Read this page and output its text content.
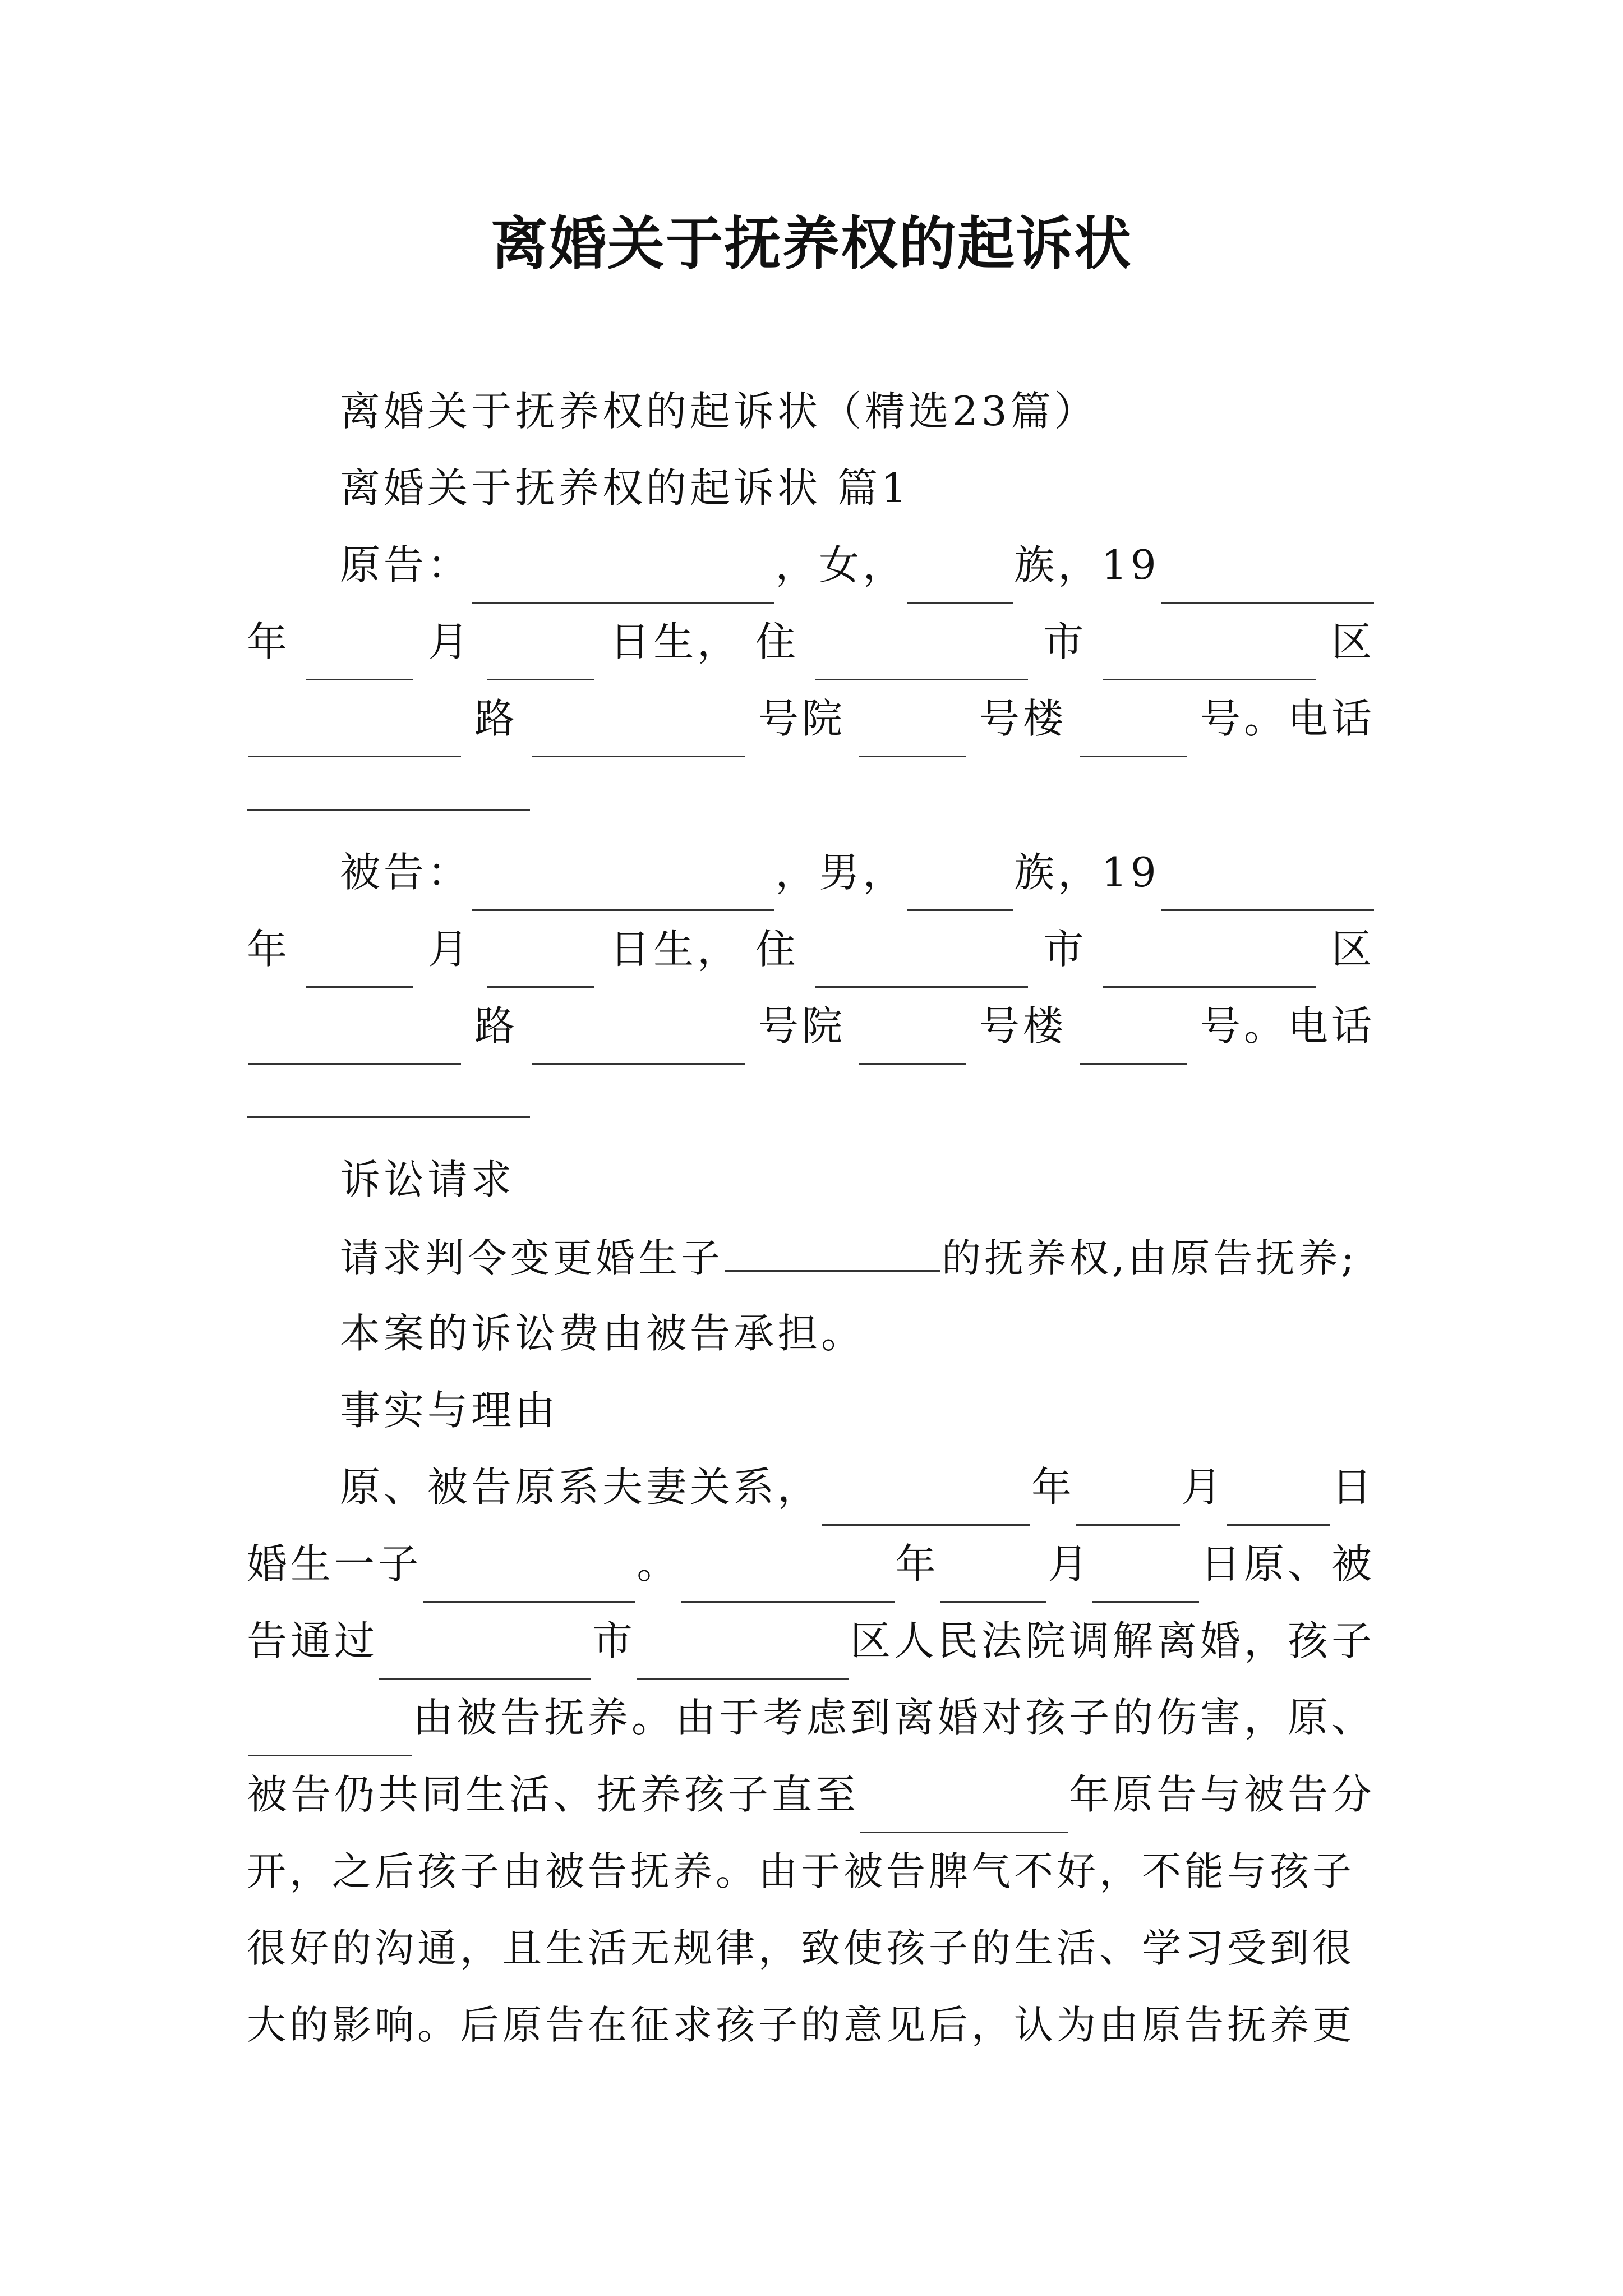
离婚关于抚养权的起诉状
离婚关于抚养权的起诉状（精选23篇）
离婚关于抚养权的起诉状 篇1
原告：	，女，	族， 19
年	月	日生， 住	市	区
路	号院	号楼	号。电话
被告：	，男，	族， 19
年	月	日生， 住	市	区
路	号院	号楼	号。电话
诉讼请求
请求判令变更婚生子	的抚养权,由原告抚养;
本案的诉讼费由被告承担。
事实与理由
原、被告原系夫妻关系，	年	月	日
婚生一子	。	年	月	日原、被
告通过	市	区人民法院调解离婚，孩子
由被告抚养。由于考虑到离婚对孩子的伤害，原、
被告仍共同生活、抚养孩子直至	年原告与被告分
开，之后孩子由被告抚养。由于被告脾气不好，不能与孩子
很好的沟通，且生活无规律，致使孩子的生活、学习受到很
大的影响。后原告在征求孩子的意见后，认为由原告抚养更
